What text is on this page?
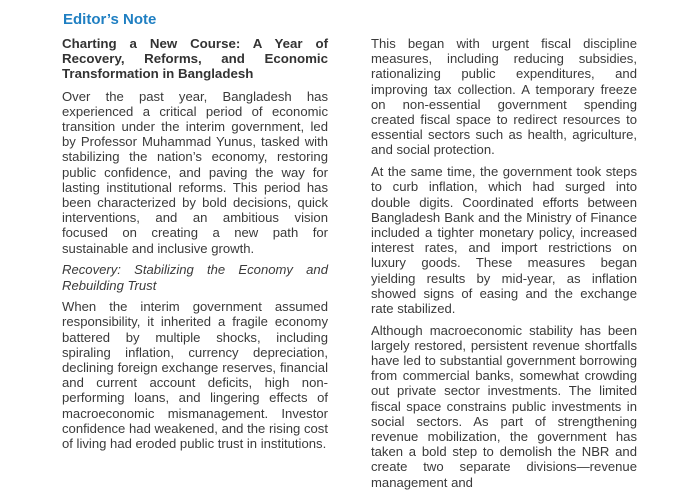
Editor’s Note
Charting a New Course: A Year of Recovery, Reforms, and Economic Transformation in Bangladesh

Over the past year, Bangladesh has experienced a critical period of economic transition under the interim government, led by Professor Muhammad Yunus, tasked with stabilizing the nation’s economy, restoring public confidence, and paving the way for lasting institutional reforms. This period has been characterized by bold decisions, quick interventions, and an ambitious vision focused on creating a new path for sustainable and inclusive growth.

Recovery: Stabilizing the Economy and Rebuilding Trust

When the interim government assumed responsibility, it inherited a fragile economy battered by multiple shocks, including spiraling inflation, currency depreciation, declining foreign exchange reserves, financial and current account deficits, high non-performing loans, and lingering effects of macroeconomic mismanagement. Investor confidence had weakened, and the rising cost of living had eroded public trust in institutions.

This began with urgent fiscal discipline measures, including reducing subsidies, rationalizing public expenditures, and improving tax collection. A temporary freeze on non-essential government spending created fiscal space to redirect resources to essential sectors such as health, agriculture, and social protection.

At the same time, the government took steps to curb inflation, which had surged into double digits. Coordinated efforts between Bangladesh Bank and the Ministry of Finance included a tighter monetary policy, increased interest rates, and import restrictions on luxury goods. These measures began yielding results by mid-year, as inflation showed signs of easing and the exchange rate stabilized.

Although macroeconomic stability has been largely restored, persistent revenue shortfalls have led to substantial government borrowing from commercial banks, somewhat crowding out private sector investments. The limited fiscal space constrains public investments in social sectors. As part of strengthening revenue mobilization, the government has taken a bold step to demolish the NBR and create two separate divisions—revenue management and
